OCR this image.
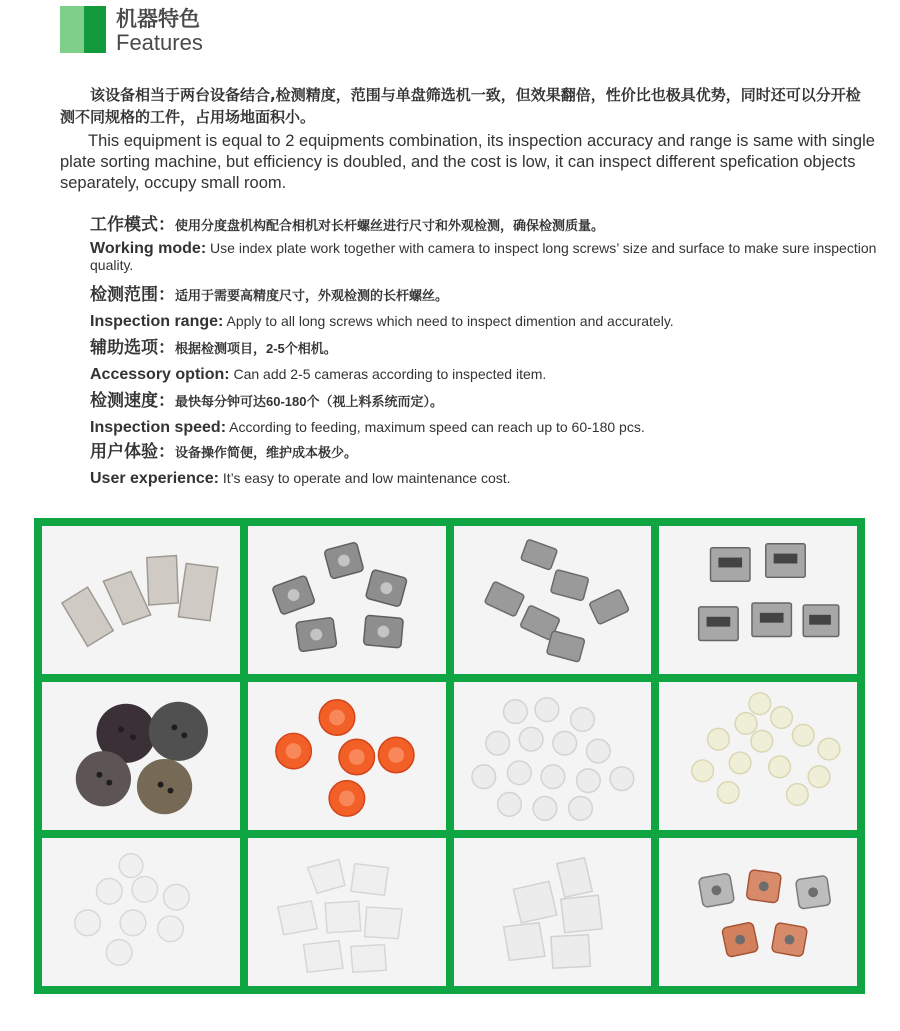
机器特色
Features
该设备相当于两台设备结合,检测精度，范围与单盘筛选机一致，但效果翻倍，性价比也极具优势，同时还可以分开检测不同规格的工件，占用场地面积小。
This equipment is equal to 2 equipments combination, its inspection accuracy and range is same with single plate sorting machine, but efficiency is doubled, and the cost is low, it can inspect different spefication objects separately, occupy small room.
工作模式：使用分度盘机构配合相机对长杆螺丝进行尺寸和外观检测，确保检测质量。
Working mode: Use index plate work together with camera to inspect long screws’ size and surface to make sure inspection quality.
检测范围：适用于需要高精度尺寸，外观检测的长杆螺丝。
Inspection range: Apply to all long screws which need to inspect dimention and accurately.
辅助选项：根据检测项目，2-5个相机。
Accessory option: Can add 2-5 cameras according to inspected item.
检测速度：最快每分钟可达60-180个（视上料系统而定）。
Inspection speed: According to feeding, maximum speed can reach up to 60-180 pcs.
用户体验：设备操作简便，维护成本极少。
User experience: It’s easy to operate and low maintenance cost.
